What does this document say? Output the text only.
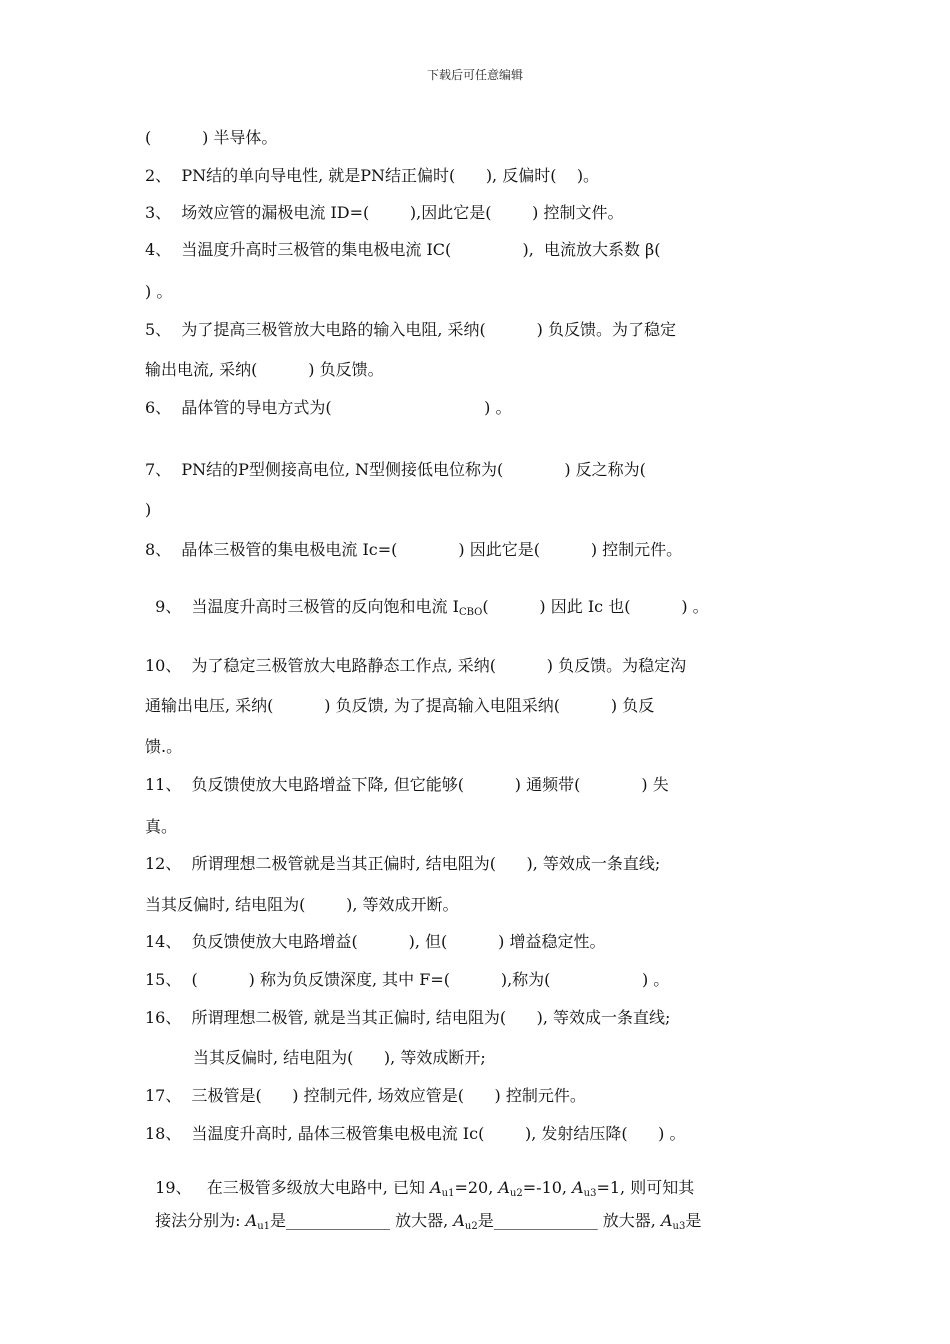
下载后可任意编辑
(          ) 半导体。
2、  PN结的单向导电性, 就是PN结正偏时(      ), 反偏时(    )。
3、  场效应管的漏极电流 ID=(        ),因此它是(        ) 控制文件。
4、  当温度升高时三极管的集电极电流 IC(              ),  电流放大系数 β(
) 。
5、  为了提高三极管放大电路的输入电阻, 采纳(          ) 负反馈。为了稳定
输出电流, 采纳(          ) 负反馈。
6、  晶体管的导电方式为(                              ) 。
7、  PN结的P型侧接高电位, N型侧接低电位称为(            ) 反之称为(
)
8、  晶体三极管的集电极电流 Ic=(            ) 因此它是(          ) 控制元件。

9、  当温度升高时三极管的反向饱和电流 $I_{CBO}$(          ) 因此 Ic 也(          ) 。

10、  为了稳定三极管放大电路静态工作点, 采纳(          ) 负反馈。为稳定沟
通输出电压, 采纳(          ) 负反馈, 为了提高输入电阻采纳(          ) 负反
馈.。
11、  负反馈使放大电路增益下降, 但它能够(          ) 通频带(            ) 失
真。
12、  所谓理想二极管就是当其正偏时, 结电阻为(      ), 等效成一条直线;
当其反偏时, 结电阻为(        ), 等效成开断。
14、  负反馈使放大电路增益(          ), 但(          ) 增益稳定性。
15、  (          ) 称为负反馈深度, 其中 F=(          ),称为(                  ) 。
16、  所谓理想二极管, 就是当其正偏时, 结电阻为(      ), 等效成一条直线;
当其反偏时, 结电阻为(      ), 等效成断开;
17、  三极管是(      ) 控制元件, 场效应管是(      ) 控制元件。
18、  当温度升高时, 晶体三极管集电极电流 Ic(        ), 发射结压降(      ) 。

19、   在三极管多级放大电路中, 已知 $A_{u1}=20$, $A_{u2}=-10$, $A_{u3}=1$, 则可知其

接法分别为: $A_{u1}$是_____________ 放大器, $A_{u2}$是_____________ 放大器, $A_{u3}$是
